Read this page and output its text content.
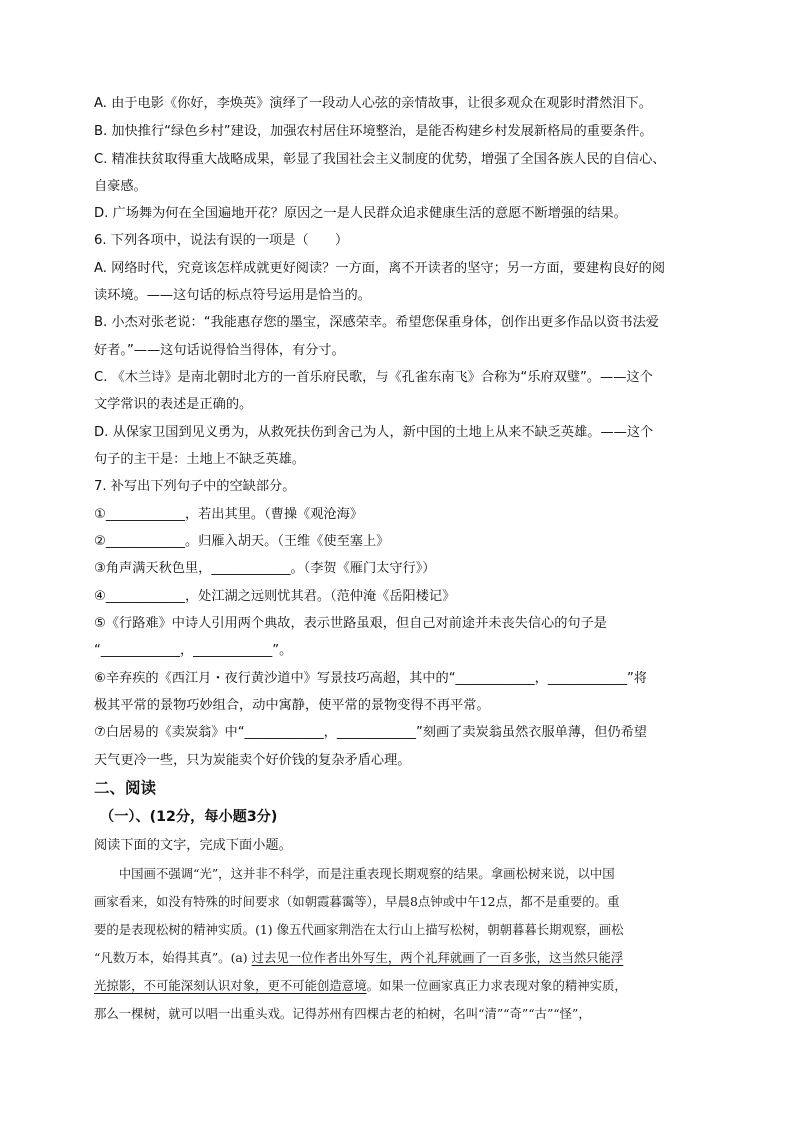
A. 由于电影《你好，李焕英》演绎了一段动人心弦的亲情故事，让很多观众在观影时潸然泪下。
B. 加快推行“绿色乡村”建设，加强农村居住环境整治，是能否构建乡村发展新格局的重要条件。
C. 精准扶贫取得重大战略成果，彰显了我国社会主义制度的优势，增强了全国各族人民的自信心、
自豪感。
D. 广场舞为何在全国遍地开花？原因之一是人民群众追求健康生活的意愿不断增强的结果。
6. 下列各项中，说法有误的一项是（　　）
A. 网络时代，究竟该怎样成就更好阅读？一方面，离不开读者的坚守；另一方面，要建构良好的阅
读环境。——这句话的标点符号运用是恰当的。
B. 小杰对张老说：“我能惠存您的墨宝，深感荣幸。希望您保重身体，创作出更多作品以资书法爱
好者。”——这句话说得恰当得体，有分寸。
C. 《木兰诗》是南北朝时北方的一首乐府民歌，与《孔雀东南飞》合称为“乐府双璧”。——这个
文学常识的表述是正确的。
D. 从保家卫国到见义勇为，从救死扶伤到舍己为人，新中国的土地上从来不缺乏英雄。——这个
句子的主干是：土地上不缺乏英雄。
7. 补写出下列句子中的空缺部分。
①____________，若出其里。（曹操《观沧海》
②____________。归雁入胡天。（王维《使至塞上》
③角声满天秋色里，____________。（李贺《雁门太守行》）
④____________，处江湖之远则忧其君。（范仲淹《岳阳楼记》
⑤《行路难》中诗人引用两个典故，表示世路虽艰，但自己对前途并未丧失信心的句子是
“____________，____________”。
⑥辛弃疾的《西江月・夜行黄沙道中》写景技巧高超，其中的“____________，____________”将
极其平常的景物巧妙组合，动中寓静，使平常的景物变得不再平常。
⑦白居易的《卖炭翁》中“____________，____________”刻画了卖炭翁虽然衣服单薄，但仍希望
天气更冷一些，只为炭能卖个好价钱的复杂矛盾心理。
二、阅读
（一）、(12分，每小题3分)
阅读下面的文字，完成下面小题。
　　中国画不强调“光”，这并非不科学，而是注重表现长期观察的结果。拿画松树来说，以中国
画家看来，如没有特殊的时间要求（如朝霞暮霭等），早晨8点钟或中午12点，都不是重要的。重
要的是表现松树的精神实质。(1) 像五代画家荆浩在太行山上描写松树，朝朝暮暮长期观察，画松
“凡数万本，始得其真”。(a) 过去见一位作者出外写生，两个礼拜就画了一百多张，这当然只能浮
光掠影，不可能深刻认识对象，更不可能创造意境。如果一位画家真正力求表现对象的精神实质，
那么一棵树，就可以唱一出重头戏。记得苏州有四棵古老的柏树，名叫“清”“奇”“古”“怪”，
